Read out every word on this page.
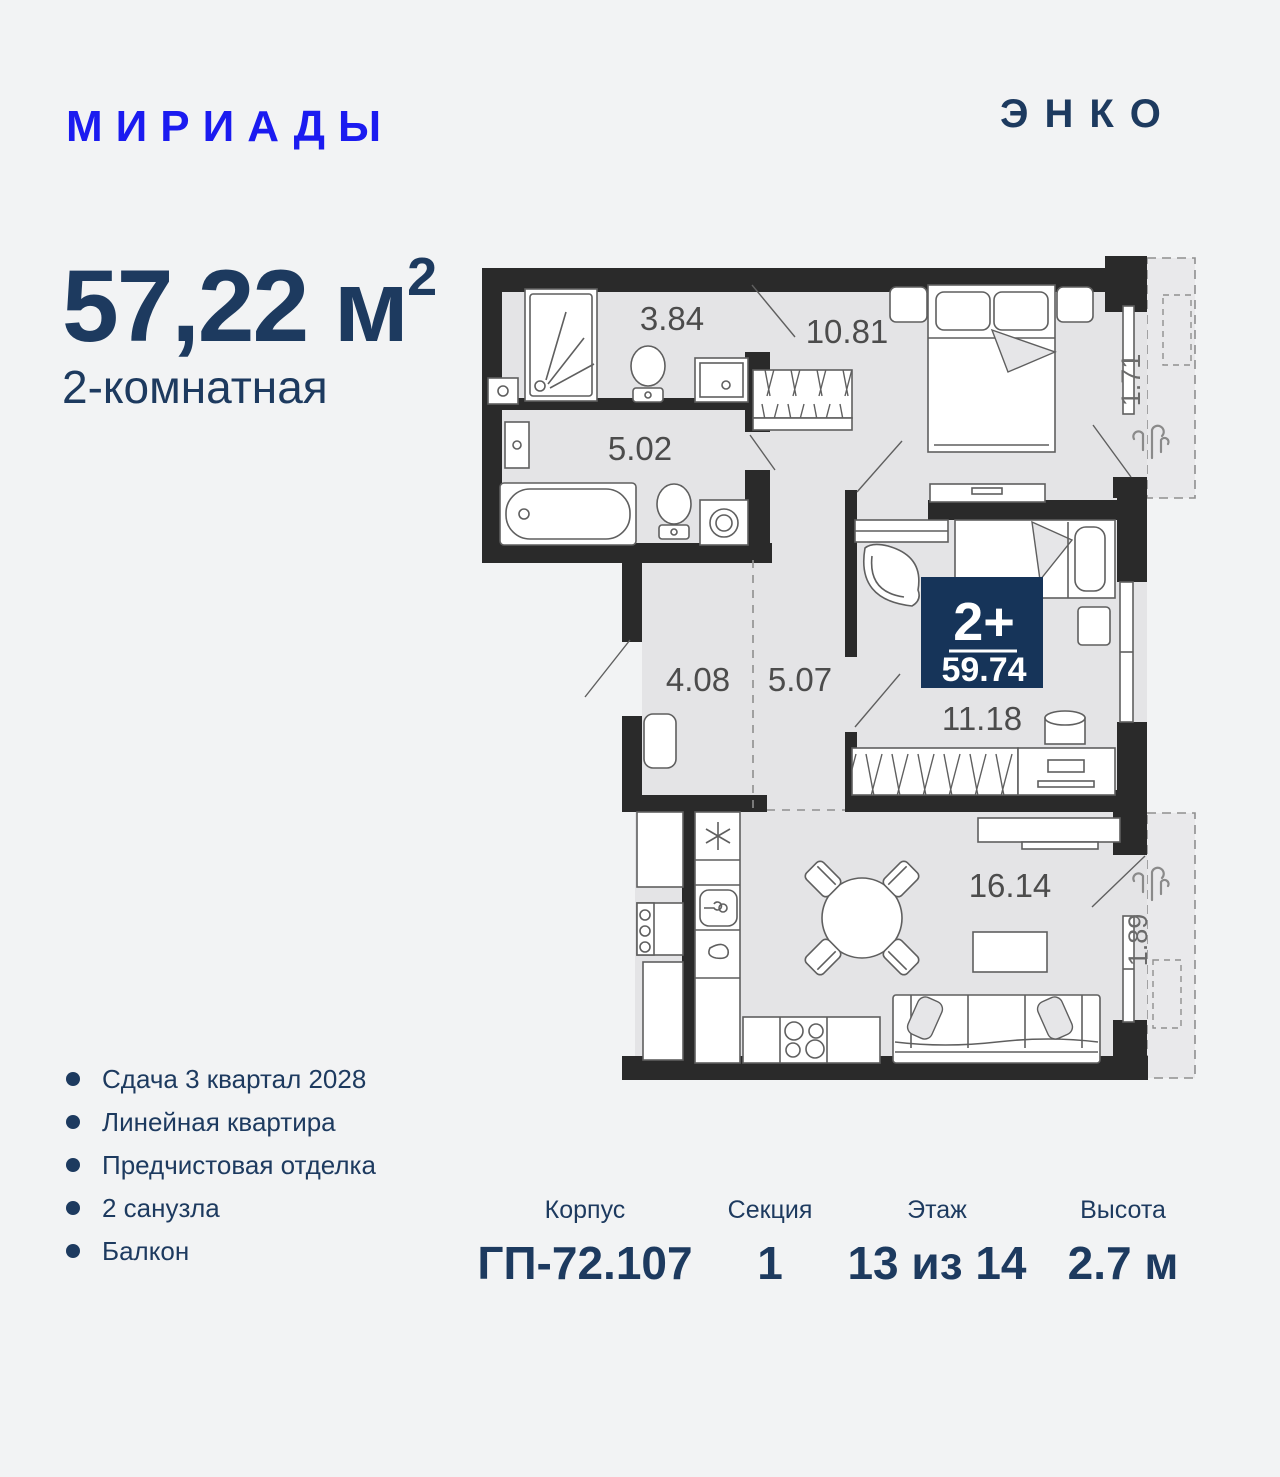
МИРИАДЫ	ЭНКО
57,22 $м^2$
2-комнатная
3.84	10.81
5.02
4.08 5.07
11.18
16.14
1.71
1.89
2+
59.74
Сдача 3 квартал 2028
Линейная квартира
Предчистовая отделка
2 санузла
Балкон
Корпус
ГП-72.107
Секция
1
Этаж
13 из 14
Высота
2.7 м
